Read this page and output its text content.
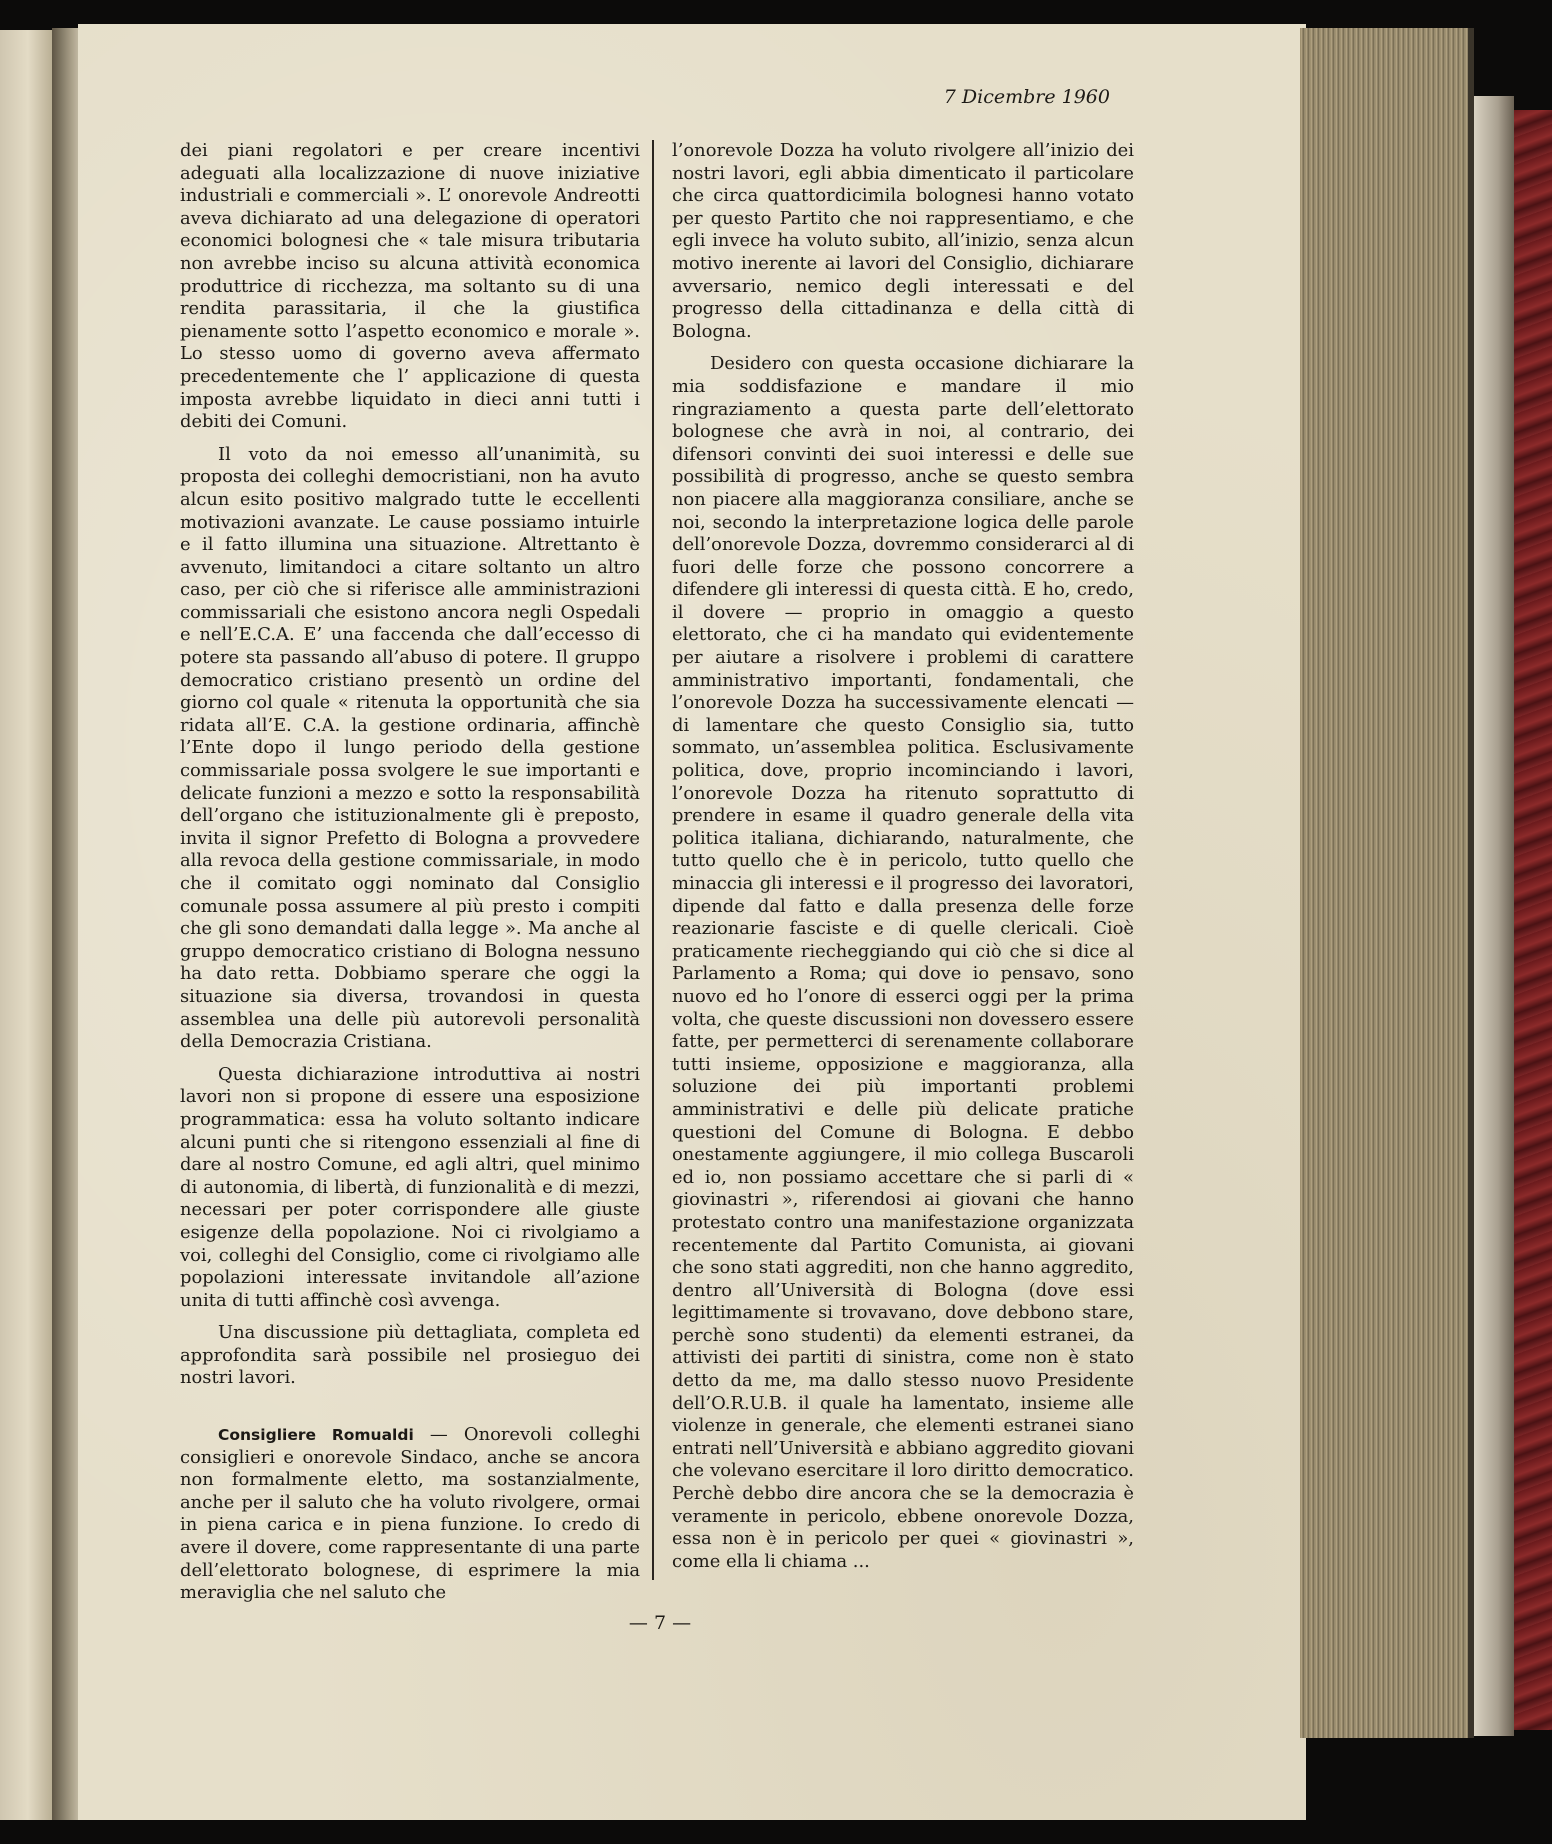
7 Dicembre 1960

dei piani regolatori e per creare incentivi adeguati alla localizzazione di nuove iniziative industriali e commerciali ». L’ onorevole Andreotti aveva dichiarato ad una delegazione di operatori economici bolognesi che « tale misura tributaria non avrebbe inciso su alcuna attività economica produttrice di ricchezza, ma soltanto su di una rendita parassitaria, il che la giustifica pienamente sotto l’aspetto economico e morale ». Lo stesso uomo di governo aveva affermato precedentemente che l’ applicazione di questa imposta avrebbe liquidato in dieci anni tutti i debiti dei Comuni.

Il voto da noi emesso all’unanimità, su proposta dei colleghi democristiani, non ha avuto alcun esito positivo malgrado tutte le eccellenti motivazioni avanzate. Le cause possiamo intuirle e il fatto illumina una situazione. Altrettanto è avvenuto, limitandoci a citare soltanto un altro caso, per ciò che si riferisce alle amministrazioni commissariali che esistono ancora negli Ospedali e nell’E.C.A. E’ una faccenda che dall’eccesso di potere sta passando all’abuso di potere. Il gruppo democratico cristiano presentò un ordine del giorno col quale « ritenuta la opportunità che sia ridata all’E. C.A. la gestione ordinaria, affinchè l’Ente dopo il lungo periodo della gestione commissariale possa svolgere le sue importanti e delicate funzioni a mezzo e sotto la responsabilità dell’organo che istituzionalmente gli è preposto, invita il signor Prefetto di Bologna a provvedere alla revoca della gestione commissariale, in modo che il comitato oggi nominato dal Consiglio comunale possa assumere al più presto i compiti che gli sono demandati dalla legge ». Ma anche al gruppo democratico cristiano di Bologna nessuno ha dato retta. Dobbiamo sperare che oggi la situazione sia diversa, trovandosi in questa assemblea una delle più autorevoli personalità della Democrazia Cristiana.

Questa dichiarazione introduttiva ai nostri lavori non si propone di essere una esposizione programmatica: essa ha voluto soltanto indicare alcuni punti che si ritengono essenziali al fine di dare al nostro Comune, ed agli altri, quel minimo di autonomia, di libertà, di funzionalità e di mezzi, necessari per poter corrispondere alle giuste esigenze della popolazione. Noi ci rivolgiamo a voi, colleghi del Consiglio, come ci rivolgiamo alle popolazioni interessate invitandole all’azione unita di tutti affinchè così avvenga.

Una discussione più dettagliata, completa ed approfondita sarà possibile nel prosieguo dei nostri lavori.

Consigliere Romualdi — Onorevoli colleghi consiglieri e onorevole Sindaco, anche se ancora non formalmente eletto, ma sostanzialmente, anche per il saluto che ha voluto rivolgere, ormai in piena carica e in piena funzione. Io credo di avere il dovere, come rappresentante di una parte dell’elettorato bolognese, di esprimere la mia meraviglia che nel saluto che

l’onorevole Dozza ha voluto rivolgere all’inizio dei nostri lavori, egli abbia dimenticato il particolare che circa quattordicimila bolognesi hanno votato per questo Partito che noi rappresentiamo, e che egli invece ha voluto subito, all’inizio, senza alcun motivo inerente ai lavori del Consiglio, dichiarare avversario, nemico degli interessati e del progresso della cittadinanza e della città di Bologna.

Desidero con questa occasione dichiarare la mia soddisfazione e mandare il mio ringraziamento a questa parte dell’elettorato bolognese che avrà in noi, al contrario, dei difensori convinti dei suoi interessi e delle sue possibilità di progresso, anche se questo sembra non piacere alla maggioranza consiliare, anche se noi, secondo la interpretazione logica delle parole dell’onorevole Dozza, dovremmo considerarci al di fuori delle forze che possono concorrere a difendere gli interessi di questa città. E ho, credo, il dovere — proprio in omaggio a questo elettorato, che ci ha mandato qui evidentemente per aiutare a risolvere i problemi di carattere amministrativo importanti, fondamentali, che l’onorevole Dozza ha successivamente elencati — di lamentare che questo Consiglio sia, tutto sommato, un’assemblea politica. Esclusivamente politica, dove, proprio incominciando i lavori, l’onorevole Dozza ha ritenuto soprattutto di prendere in esame il quadro generale della vita politica italiana, dichiarando, naturalmente, che tutto quello che è in pericolo, tutto quello che minaccia gli interessi e il progresso dei lavoratori, dipende dal fatto e dalla presenza delle forze reazionarie fasciste e di quelle clericali. Cioè praticamente riecheggiando qui ciò che si dice al Parlamento a Roma; qui dove io pensavo, sono nuovo ed ho l’onore di esserci oggi per la prima volta, che queste discussioni non dovessero essere fatte, per permetterci di serenamente collaborare tutti insieme, opposizione e maggioranza, alla soluzione dei più importanti problemi amministrativi e delle più delicate pratiche questioni del Comune di Bologna. E debbo onestamente aggiungere, il mio collega Buscaroli ed io, non possiamo accettare che si parli di « giovinastri », riferendosi ai giovani che hanno protestato contro una manifestazione organizzata recentemente dal Partito Comunista, ai giovani che sono stati aggrediti, non che hanno aggredito, dentro all’Università di Bologna (dove essi legittimamente si trovavano, dove debbono stare, perchè sono studenti) da elementi estranei, da attivisti dei partiti di sinistra, come non è stato detto da me, ma dallo stesso nuovo Presidente dell’O.R.U.B. il quale ha lamentato, insieme alle violenze in generale, che elementi estranei siano entrati nell’Università e abbiano aggredito giovani che volevano esercitare il loro diritto democratico. Perchè debbo dire ancora che se la democrazia è veramente in pericolo, ebbene onorevole Dozza, essa non è in pericolo per quei « giovinastri », come ella li chiama ...

— 7 —
